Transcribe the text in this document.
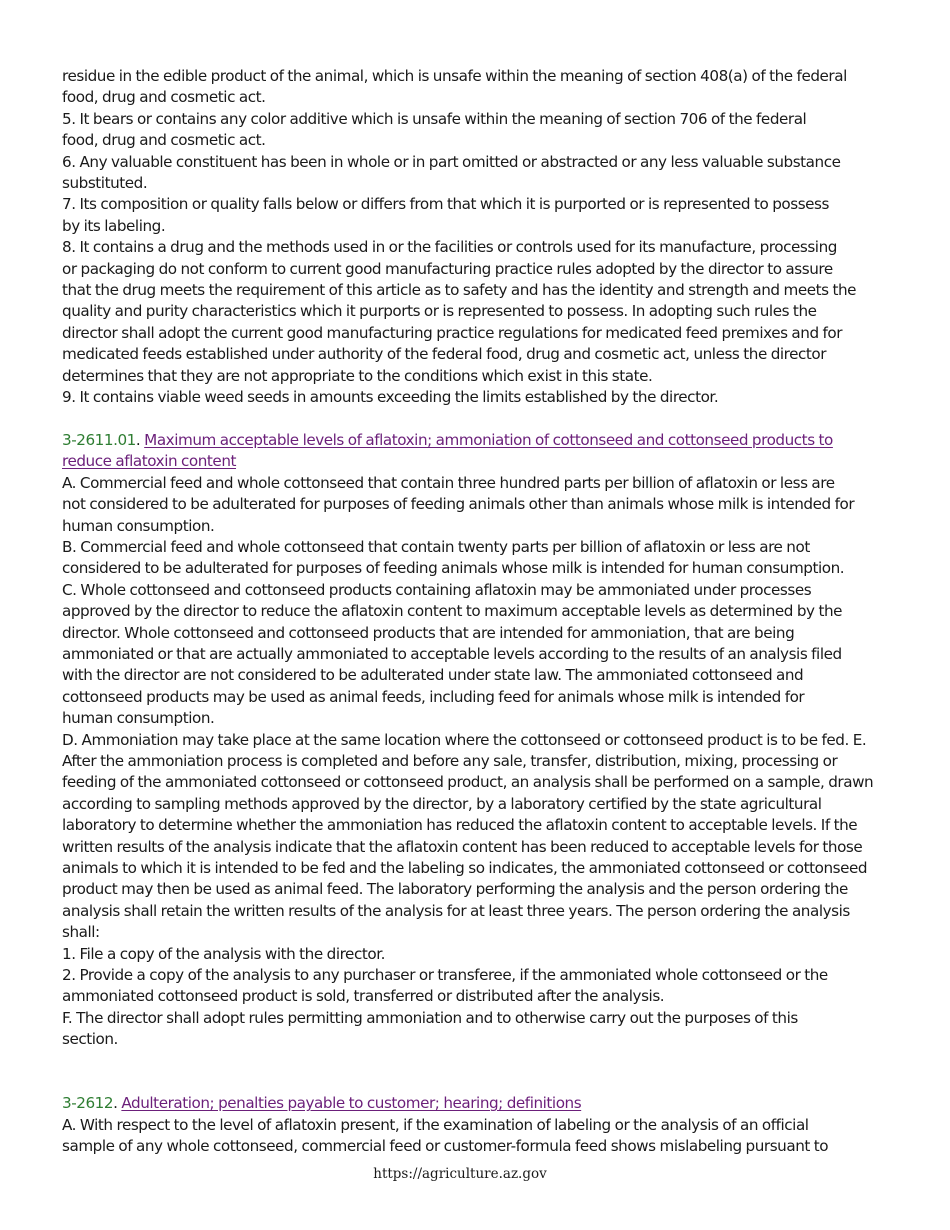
residue in the edible product of the animal, which is unsafe within the meaning of section 408(a) of the federal
food, drug and cosmetic act.
5. It bears or contains any color additive which is unsafe within the meaning of section 706 of the federal
food, drug and cosmetic act.
6. Any valuable constituent has been in whole or in part omitted or abstracted or any less valuable substance
substituted.
7. Its composition or quality falls below or differs from that which it is purported or is represented to possess
by its labeling.
8. It contains a drug and the methods used in or the facilities or controls used for its manufacture, processing
or packaging do not conform to current good manufacturing practice rules adopted by the director to assure
that the drug meets the requirement of this article as to safety and has the identity and strength and meets the
quality and purity characteristics which it purports or is represented to possess. In adopting such rules the
director shall adopt the current good manufacturing practice regulations for medicated feed premixes and for
medicated feeds established under authority of the federal food, drug and cosmetic act, unless the director
determines that they are not appropriate to the conditions which exist in this state.
9. It contains viable weed seeds in amounts exceeding the limits established by the director.
3-2611.01. Maximum acceptable levels of aflatoxin; ammoniation of cottonseed and cottonseed products to
reduce aflatoxin content
A. Commercial feed and whole cottonseed that contain three hundred parts per billion of aflatoxin or less are
not considered to be adulterated for purposes of feeding animals other than animals whose milk is intended for
human consumption.
B. Commercial feed and whole cottonseed that contain twenty parts per billion of aflatoxin or less are not
considered to be adulterated for purposes of feeding animals whose milk is intended for human consumption.
C. Whole cottonseed and cottonseed products containing aflatoxin may be ammoniated under processes
approved by the director to reduce the aflatoxin content to maximum acceptable levels as determined by the
director. Whole cottonseed and cottonseed products that are intended for ammoniation, that are being
ammoniated or that are actually ammoniated to acceptable levels according to the results of an analysis filed
with the director are not considered to be adulterated under state law. The ammoniated cottonseed and
cottonseed products may be used as animal feeds, including feed for animals whose milk is intended for
human consumption.
D. Ammoniation may take place at the same location where the cottonseed or cottonseed product is to be fed. E.
After the ammoniation process is completed and before any sale, transfer, distribution, mixing, processing or
feeding of the ammoniated cottonseed or cottonseed product, an analysis shall be performed on a sample, drawn
according to sampling methods approved by the director, by a laboratory certified by the state agricultural
laboratory to determine whether the ammoniation has reduced the aflatoxin content to acceptable levels. If the
written results of the analysis indicate that the aflatoxin content has been reduced to acceptable levels for those
animals to which it is intended to be fed and the labeling so indicates, the ammoniated cottonseed or cottonseed
product may then be used as animal feed. The laboratory performing the analysis and the person ordering the
analysis shall retain the written results of the analysis for at least three years. The person ordering the analysis
shall:
1. File a copy of the analysis with the director.
2. Provide a copy of the analysis to any purchaser or transferee, if the ammoniated whole cottonseed or the
ammoniated cottonseed product is sold, transferred or distributed after the analysis.
F. The director shall adopt rules permitting ammoniation and to otherwise carry out the purposes of this
section.
3-2612. Adulteration; penalties payable to customer; hearing; definitions
A. With respect to the level of aflatoxin present, if the examination of labeling or the analysis of an official
sample of any whole cottonseed, commercial feed or customer-formula feed shows mislabeling pursuant to
https://agriculture.az.gov
